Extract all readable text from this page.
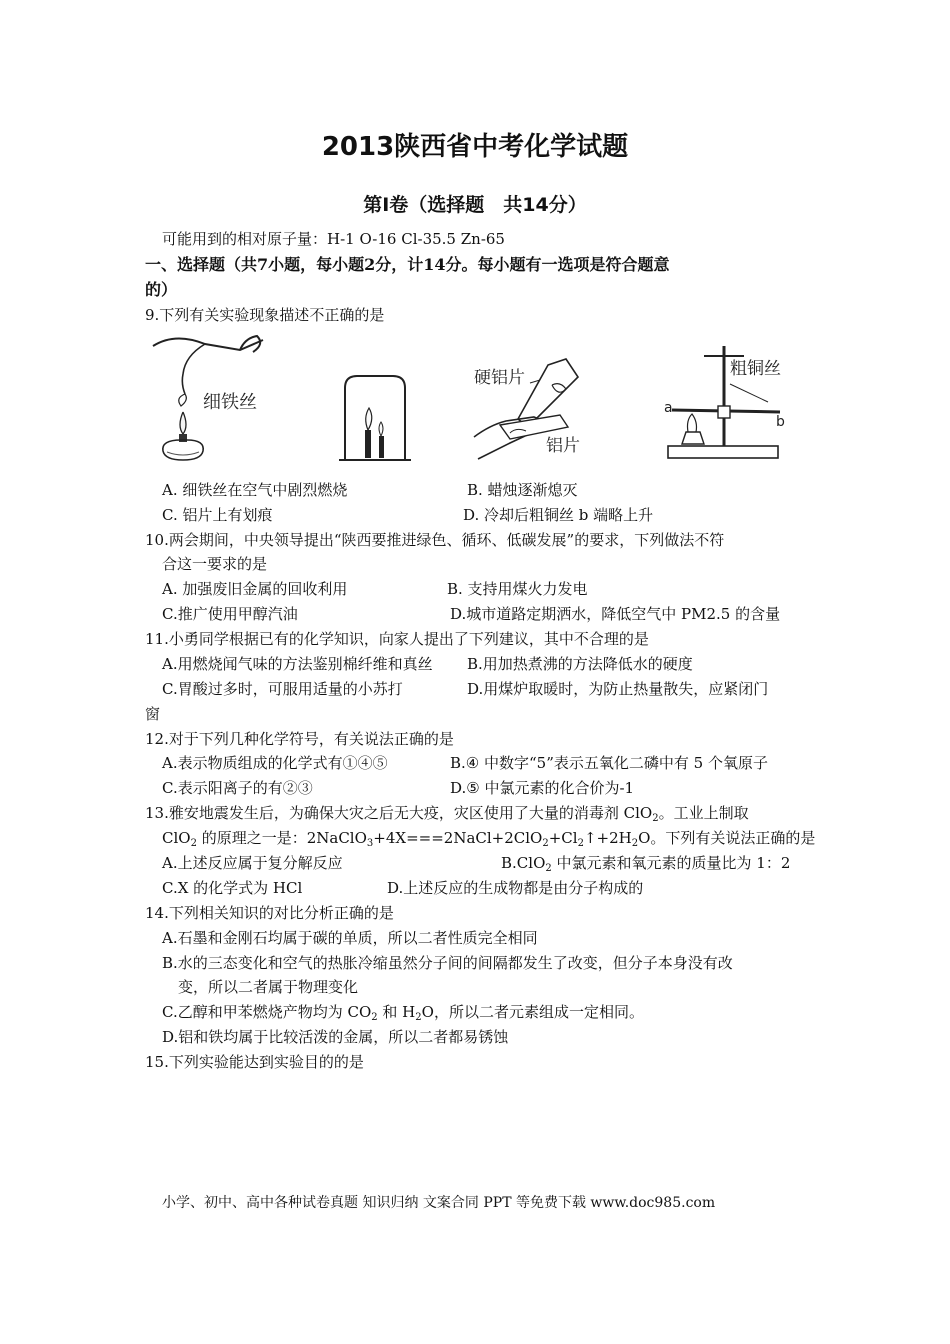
2013陕西省中考化学试题
第Ⅰ卷（选择题　共14分）
可能用到的相对原子量：H-1 O-16 Cl-35.5 Zn-65
一、选择题（共7小题，每小题2分，计14分。每小题有一选项是符合题意
的）
9.下列有关实验现象描述不正确的是
细铁丝
硬铝片
铝片
粗铜丝
a
b
A. 细铁丝在空气中剧烈燃烧	B. 蜡烛逐渐熄灭
C. 铝片上有划痕	D. 冷却后粗铜丝 b 端略上升
10.两会期间，中央领导提出“陕西要推进绿色、循环、低碳发展”的要求，下列做法不符
合这一要求的是
A. 加强废旧金属的回收利用	B. 支持用煤火力发电
C.推广使用甲醇汽油	D.城市道路定期洒水，降低空气中 PM2.5 的含量
11.小勇同学根据已有的化学知识，向家人提出了下列建议，其中不合理的是
A.用燃烧闻气味的方法鉴别棉纤维和真丝 B.用加热煮沸的方法降低水的硬度
C.胃酸过多时，可服用适量的小苏打	D.用煤炉取暖时，为防止热量散失，应紧闭门
窗
12.对于下列几种化学符号，有关说法正确的是
A.表示物质组成的化学式有①④⑤	B.④ 中数字“5”表示五氧化二磷中有 5 个氧原子
C.表示阳离子的有②③	D.⑤ 中氯元素的化合价为-1
13.雅安地震发生后，为确保大灾之后无大疫，灾区使用了大量的消毒剂 ClO$_2$。工业上制取
ClO$_2$ 的原理之一是：$2NaClO_3+4X===2NaCl+2ClO_2+Cl_2↑+2H_2O$。下列有关说法正确的是
A.上述反应属于复分解反应	B.ClO$_2$ 中氯元素和氧元素的质量比为 1：2
C.X 的化学式为 HCl	D.上述反应的生成物都是由分子构成的
14.下列相关知识的对比分析正确的是
A.石墨和金刚石均属于碳的单质，所以二者性质完全相同
B.水的三态变化和空气的热胀冷缩虽然分子间的间隔都发生了改变，但分子本身没有改
变，所以二者属于物理变化
C.乙醇和甲苯燃烧产物均为 $CO_2$ 和 $H_2O$，所以二者元素组成一定相同。
D.铝和铁均属于比较活泼的金属，所以二者都易锈蚀
15.下列实验能达到实验目的的是
小学、初中、高中各种试卷真题 知识归纳 文案合同 PPT 等免费下载 www.doc985.com
